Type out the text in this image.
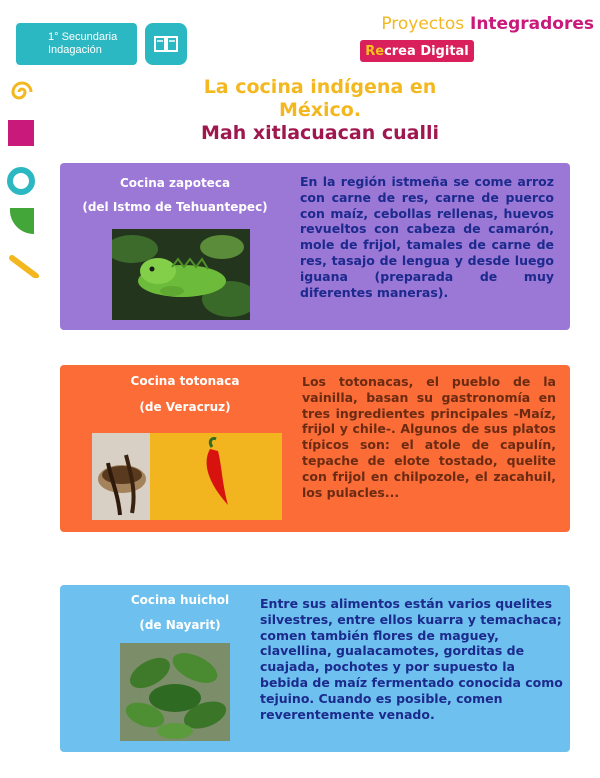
1° Secundaria
Indagación
Proyectos Integradores
Re crea
Digital
La cocina indígena en
México.
Mah xitlacuacan cualli
Cocina zapoteca
(del Istmo de Tehuantepec)
En la región istmeña se come arroz con carne de res, carne de puerco con maíz, cebollas rellenas, huevos revueltos con cabeza de camarón, mole de frijol, tamales de carne de res, tasajo de lengua y desde luego iguana (preparada de muy diferentes maneras).
Cocina totonaca
(de Veracruz)
Los totonacas, el pueblo de la vainilla, basan su gastronomía en tres ingredientes principales -Maíz, frijol y chile-. Algunos de sus platos típicos son: el atole de capulín, tepache de elote tostado, quelite con frijol en chilpozole, el zacahuil, los pulacles...
Cocina huichol
(de Nayarit)
Entre sus alimentos están varios quelites silvestres, entre ellos kuarra y temachaca; comen también flores de maguey, clavellina, gualacamotes, gorditas de cuajada, pochotes y por supuesto la bebida de maíz fermentado conocida como tejuino. Cuando es posible, comen reverentemente venado.
